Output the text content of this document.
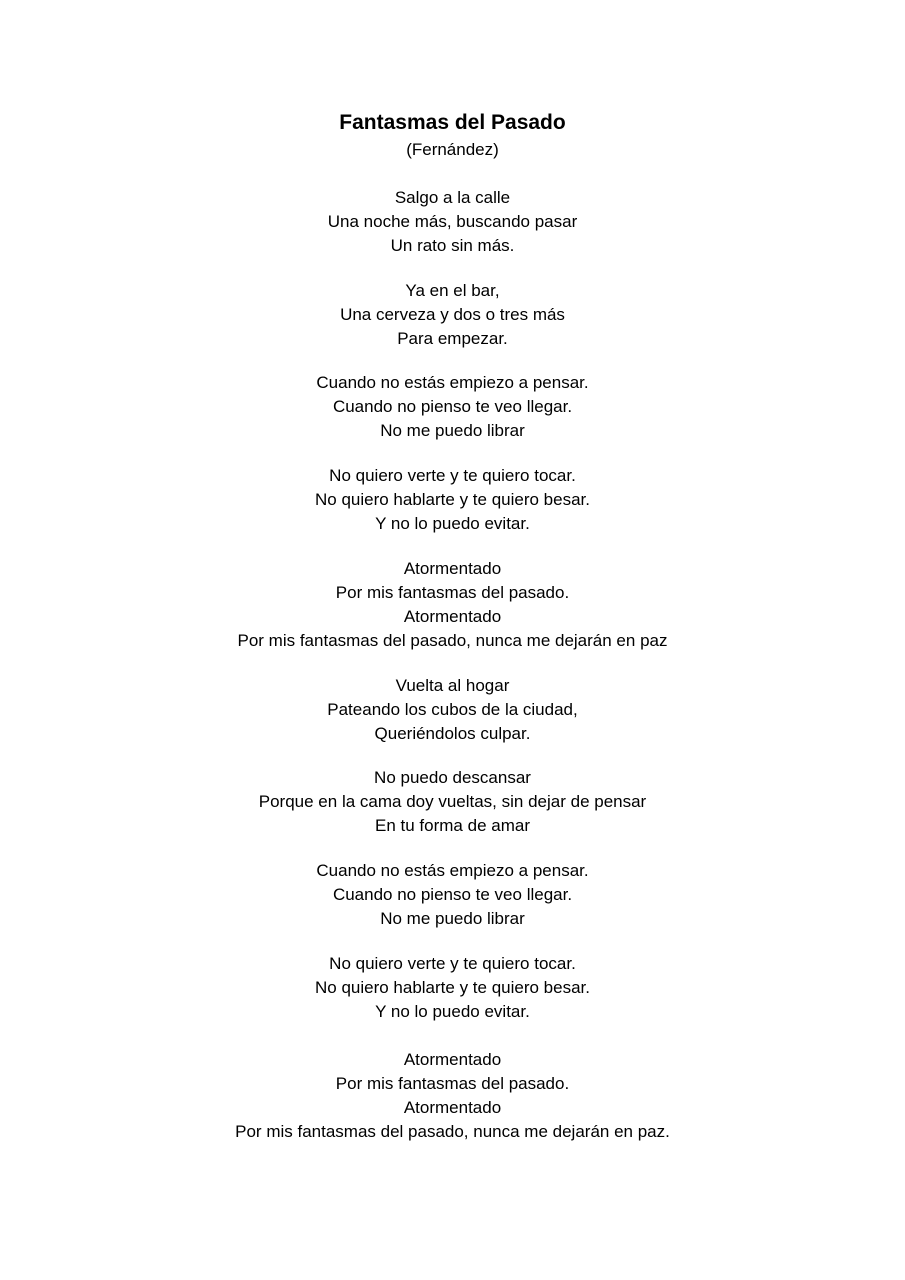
Fantasmas del Pasado
(Fernández)
Salgo a la calle
Una noche más, buscando pasar
Un rato sin más.
Ya en el bar,
Una cerveza y dos o tres más
Para empezar.
Cuando no estás empiezo a pensar.
Cuando no pienso te veo llegar.
No me puedo librar
No quiero verte y te quiero tocar.
No quiero hablarte y te quiero besar.
Y no lo puedo evitar.
Atormentado
Por mis fantasmas del pasado.
Atormentado
Por mis fantasmas del pasado, nunca me dejarán en paz
Vuelta al hogar
Pateando los cubos de la ciudad,
Queriéndolos culpar.
No puedo descansar
Porque en la cama doy vueltas, sin dejar de pensar
En tu forma de amar
Cuando no estás empiezo a pensar.
Cuando no pienso te veo llegar.
No me puedo librar
No quiero verte y te quiero tocar.
No quiero hablarte y te quiero besar.
Y no lo puedo evitar.
Atormentado
Por mis fantasmas del pasado.
Atormentado
Por mis fantasmas del pasado, nunca me dejarán en paz.
